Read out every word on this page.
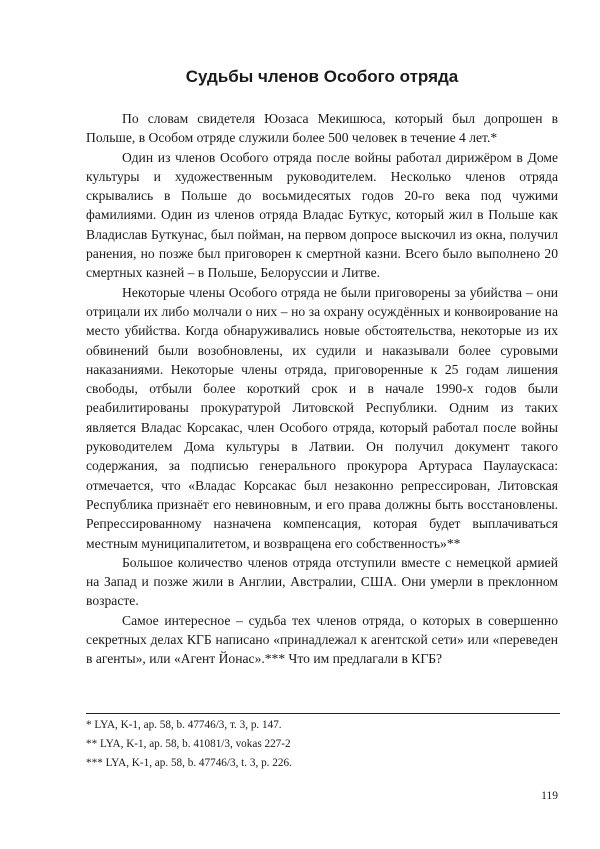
Судьбы членов Особого отряда

По словам свидетеля Юозаса Мекишюса, который был допрошен в Польше, в Особом отряде служили более 500 человек в течение 4 лет.*

Один из членов Особого отряда после войны работал дирижёром в Доме культуры и художественным руководителем. Несколько членов отряда скрывались в Польше до восьмидесятых годов 20-го века под чужими фамилиями. Один из членов отряда Владас Буткус, который жил в Польше как Владислав Буткунас, был пойман, на первом допросе выскочил из окна, получил ранения, но позже был приговорен к смертной казни. Всего было выполнено 20 смертных казней – в Польше, Белоруссии и Литве.

Некоторые члены Особого отряда не были приговорены за убийства – они отрицали их либо молчали о них – но за охрану осуждённых и конвоирование на место убийства. Когда обнаруживались новые обстоятельства, некоторые из их обвинений были возобновлены, их судили и наказывали более суровыми наказаниями. Некоторые члены отряда, приговоренные к 25 годам лишения свободы, отбыли более короткий срок и в начале 1990-х годов были реабилитированы прокуратурой Литовской Республики. Одним из таких является Владас Корсакас, член Особого отряда, который работал после войны руководителем Дома культуры в Латвии. Он получил документ такого содержания, за подписью генерального прокурора Артураса Паулаускаса: отмечается, что «Владас Корсакас был незаконно репрессирован, Литовская Республика признаёт его невиновным, и его права должны быть восстановлены. Репрессированному назначена компенсация, которая будет выплачиваться местным муниципалитетом, и возвращена его собственность»**

Большое количество членов отряда отступили вместе с немецкой армией на Запад и позже жили в Англии, Австралии, США. Они умерли в преклонном возрасте.

Самое интересное – судьба тех членов отряда, о которых в совершенно секретных делах КГБ написано «принадлежал к агентской сети» или «переведен в агенты», или «Агент Йонас».*** Что им предлагали в КГБ?

* LYA, K-1, ap. 58, b. 47746/3, т. 3, p. 147.
** LYA, K-1, ap. 58, b. 41081/3, vokas 227-2
*** LYA, K-1, ap. 58, b. 47746/3, t. 3, p. 226.
119
